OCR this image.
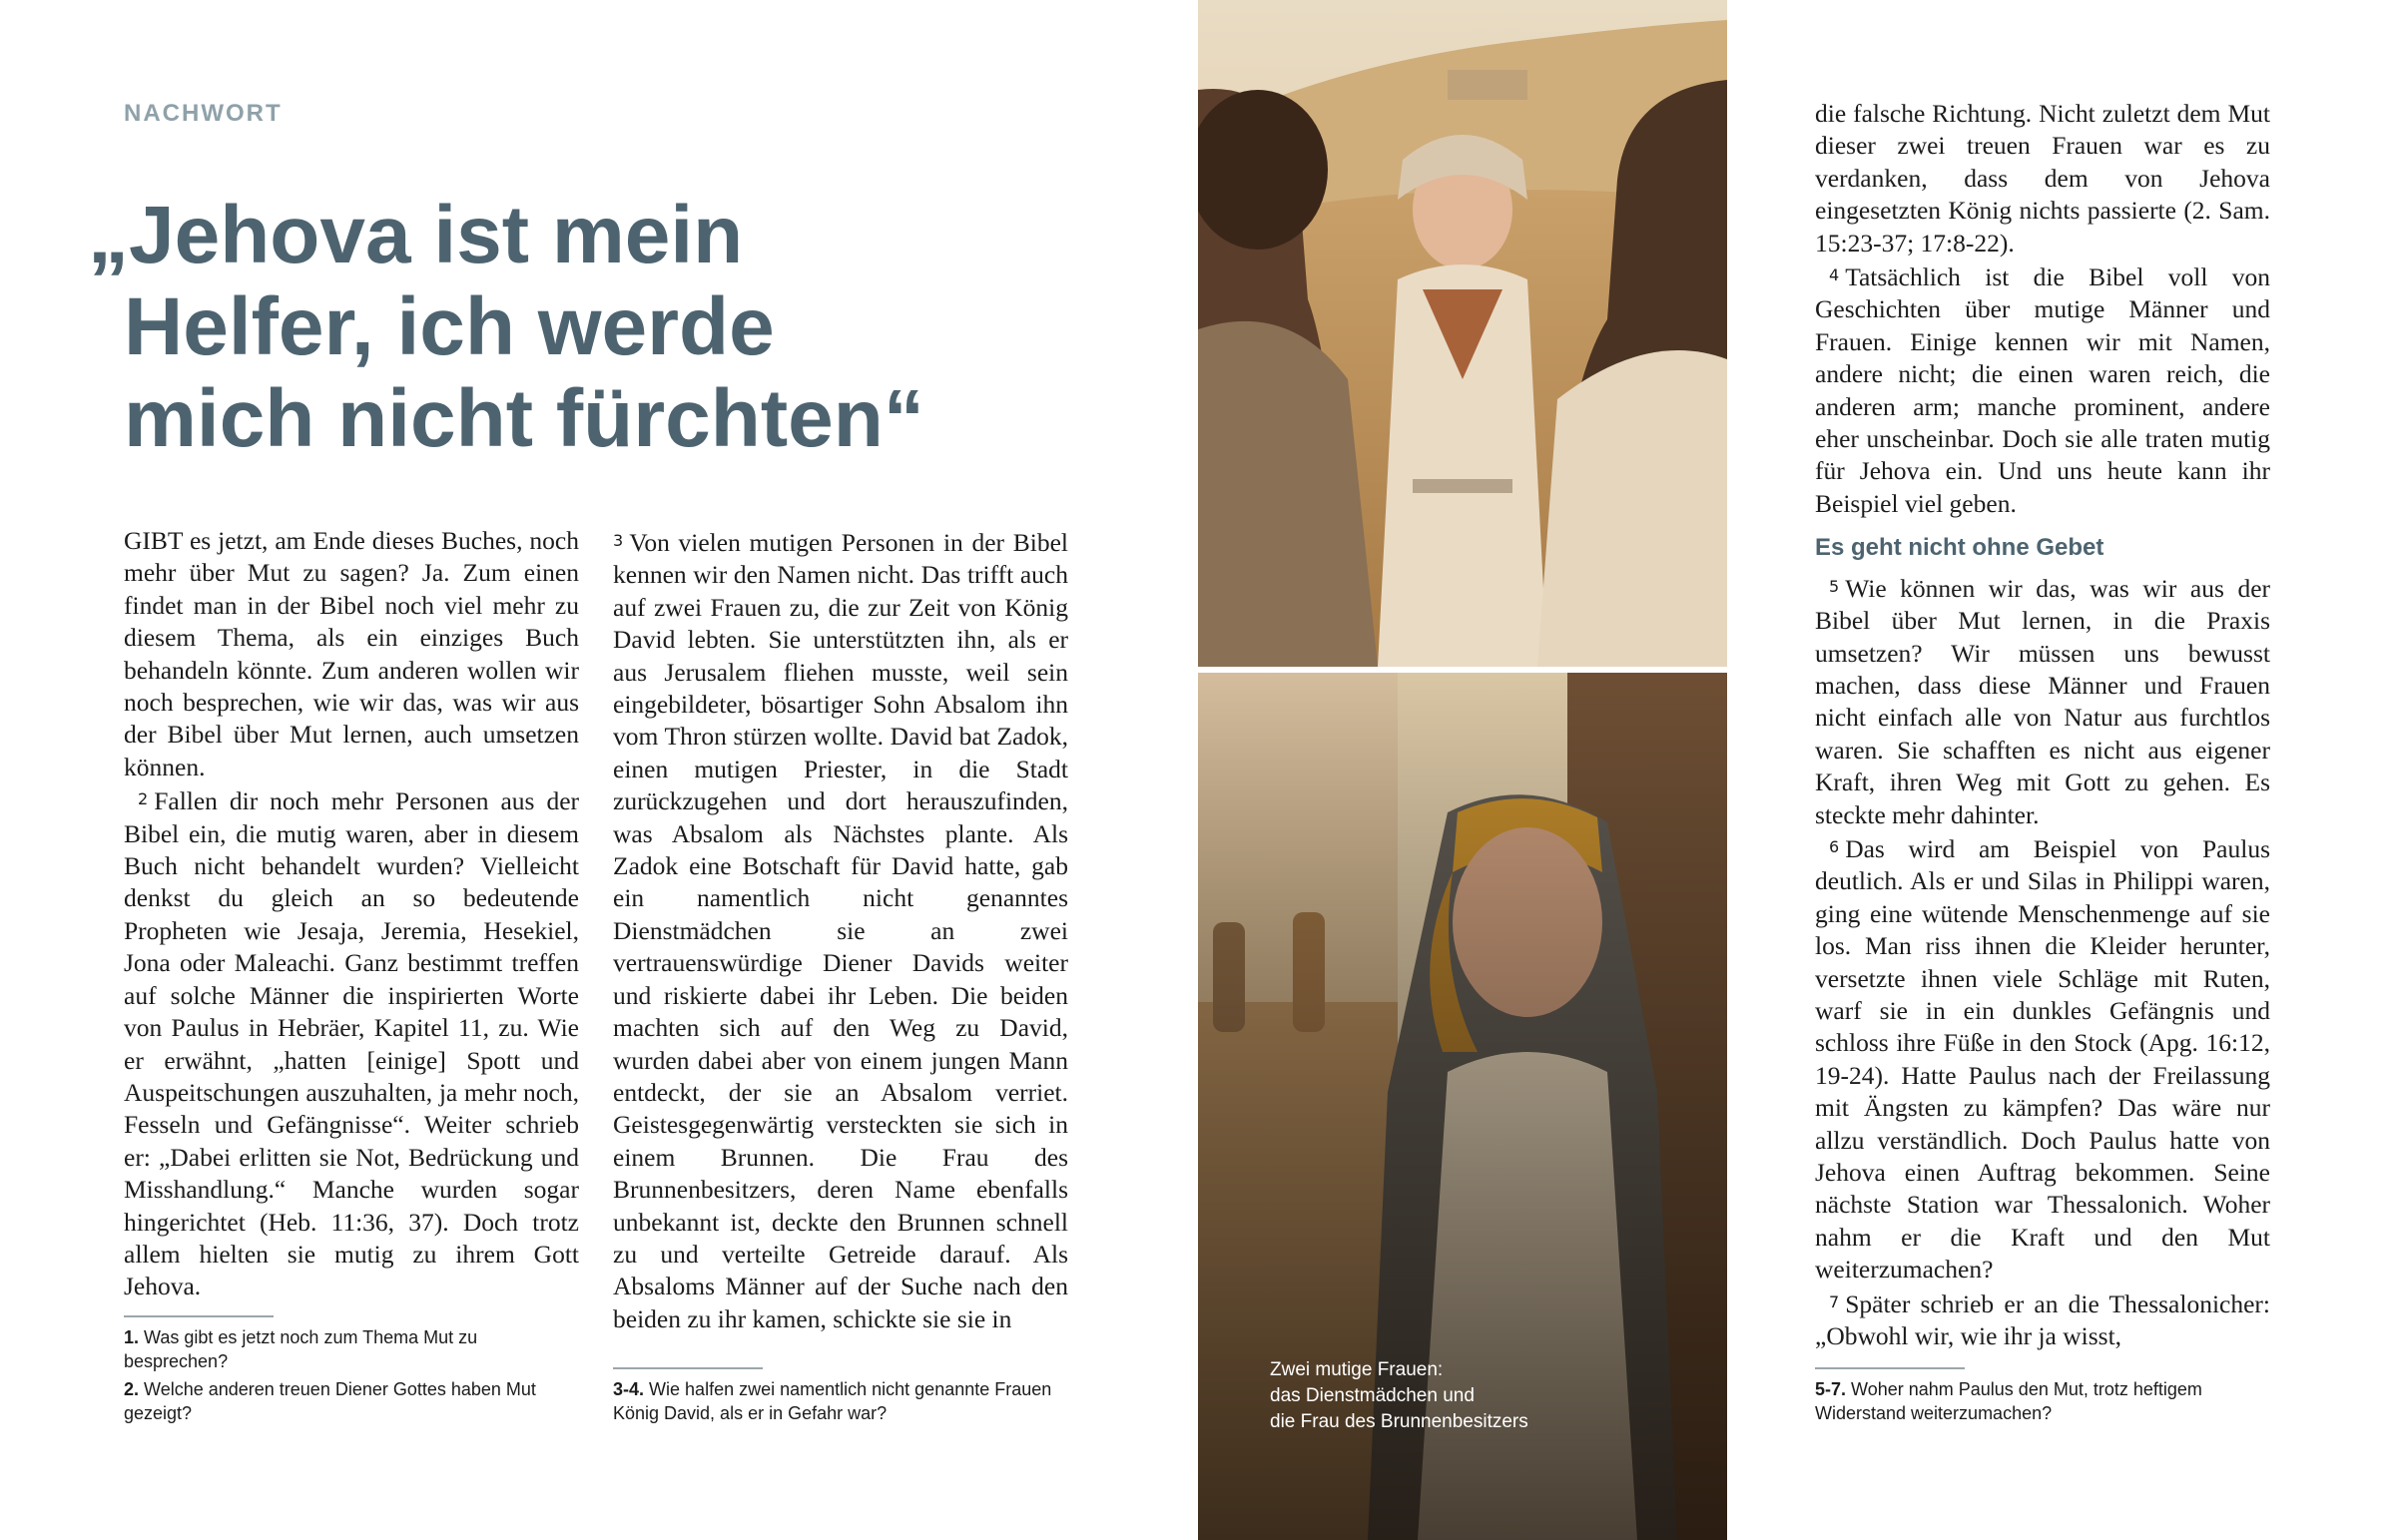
NACHWORT
„Jehova ist mein
Helfer, ich werde
mich nicht fürchten“

GIBT es jetzt, am Ende dieses Buches, noch mehr über Mut zu sagen? Ja. Zum einen findet man in der Bibel noch viel mehr zu diesem Thema, als ein einziges Buch behandeln könnte. Zum anderen wollen wir noch besprechen, wie wir das, was wir aus der Bibel über Mut lernen, auch umsetzen können.

2 Fallen dir noch mehr Personen aus der Bibel ein, die mutig waren, aber in diesem Buch nicht behandelt wurden? Vielleicht denkst du gleich an so bedeutende Propheten wie Jesaja, Jeremia, Hesekiel, Jona oder Maleachi. Ganz bestimmt treffen auf solche Männer die inspirierten Worte von Paulus in Hebräer, Kapitel 11, zu. Wie er erwähnt, „hatten [einige] Spott und Auspeitschungen auszuhalten, ja mehr noch, Fesseln und Gefängnisse“. Weiter schrieb er: „Dabei erlitten sie Not, Bedrückung und Misshandlung.“ Manche wurden sogar hingerichtet (Heb. 11:36, 37). Doch trotz allem hielten sie mutig zu ihrem Gott Jehova.

1. Was gibt es jetzt noch zum Thema Mut zu besprechen?
2. Welche anderen treuen Diener Gottes haben Mut gezeigt?

3 Von vielen mutigen Personen in der Bibel kennen wir den Namen nicht. Das trifft auch auf zwei Frauen zu, die zur Zeit von König David lebten. Sie unterstützten ihn, als er aus Jerusalem fliehen musste, weil sein eingebildeter, bösartiger Sohn Absalom ihn vom Thron stürzen wollte. David bat Zadok, einen mutigen Priester, in die Stadt zurückzugehen und dort herauszufinden, was Absalom als Nächstes plante. Als Zadok eine Botschaft für David hatte, gab ein namentlich nicht genanntes Dienstmädchen sie an zwei vertrauenswürdige Diener Davids weiter und riskierte dabei ihr Leben. Die beiden machten sich auf den Weg zu David, wurden dabei aber von einem jungen Mann entdeckt, der sie an Absalom verriet. Geistesgegenwärtig versteckten sie sich in einem Brunnen. Die Frau des Brunnenbesitzers, deren Name ebenfalls unbekannt ist, deckte den Brunnen schnell zu und verteilte Getreide darauf. Als Absaloms Männer auf der Suche nach den beiden zu ihr kamen, schickte sie sie in

3-4. Wie halfen zwei namentlich nicht genannte Frauen König David, als er in Gefahr war?

Zwei mutige Frauen:
das Dienstmädchen und
die Frau des Brunnenbesitzers

die falsche Richtung. Nicht zuletzt dem Mut dieser zwei treuen Frauen war es zu verdanken, dass dem von Jehova eingesetzten König nichts passierte (2. Sam. 15:23-37; 17:8-22).

4 Tatsächlich ist die Bibel voll von Geschichten über mutige Männer und Frauen. Einige kennen wir mit Namen, andere nicht; die einen waren reich, die anderen arm; manche prominent, andere eher unscheinbar. Doch sie alle traten mutig für Jehova ein. Und uns heute kann ihr Beispiel viel geben.

Es geht nicht ohne Gebet

5 Wie können wir das, was wir aus der Bibel über Mut lernen, in die Praxis umsetzen? Wir müssen uns bewusst machen, dass diese Männer und Frauen nicht einfach alle von Natur aus furchtlos waren. Sie schafften es nicht aus eigener Kraft, ihren Weg mit Gott zu gehen. Es steckte mehr dahinter.

6 Das wird am Beispiel von Paulus deutlich. Als er und Silas in Philippi waren, ging eine wütende Menschenmenge auf sie los. Man riss ihnen die Kleider herunter, versetzte ihnen viele Schläge mit Ruten, warf sie in ein dunkles Gefängnis und schloss ihre Füße in den Stock (Apg. 16:12, 19-24). Hatte Paulus nach der Freilassung mit Ängsten zu kämpfen? Das wäre nur allzu verständlich. Doch Paulus hatte von Jehova einen Auftrag bekommen. Seine nächste Station war Thessalonich. Woher nahm er die Kraft und den Mut weiterzumachen?

7 Später schrieb er an die Thessalonicher: „Obwohl wir, wie ihr ja wisst,

5-7. Woher nahm Paulus den Mut, trotz heftigem Widerstand weiterzumachen?
